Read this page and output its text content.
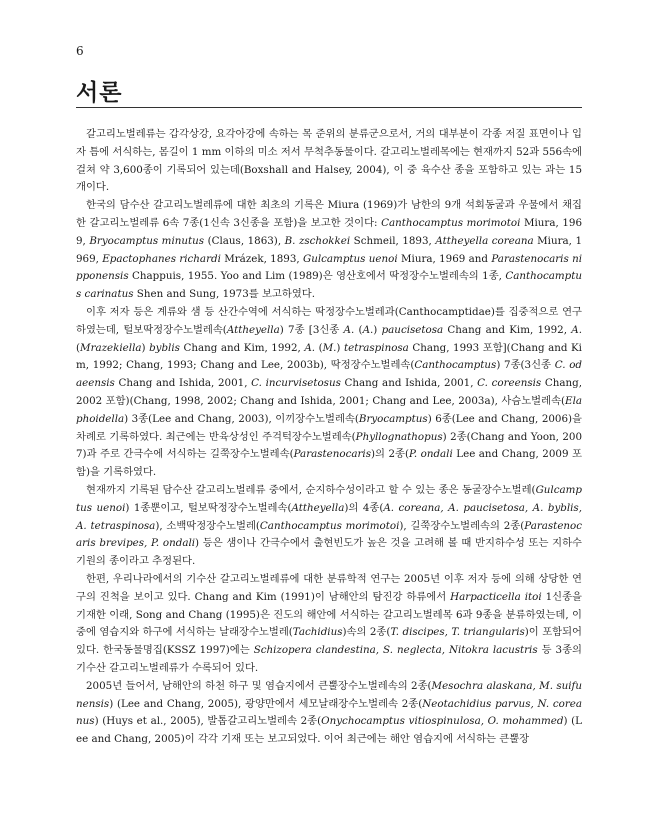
6
서론

갈고리노벌레류는 갑각상강, 요각아강에 속하는 목 준위의 분류군으로서, 거의 대부분이 각종 저질 표면이나 입자 틈에 서식하는, 몸길이 1 mm 이하의 미소 저서 무척추동물이다. 갈고리노벌레목에는 현재까지 52과 556속에 걸쳐 약 3,600종이 기록되어 있는데(Boxshall and Halsey, 2004), 이 중 육수산 종을 포함하고 있는 과는 15개이다.

한국의 담수산 갈고리노벌레류에 대한 최초의 기록은 Miura (1969)가 남한의 9개 석회동굴과 우물에서 채집한 갈고리노벌레류 6속 7종(1신속 3신종을 포함)을 보고한 것이다: Canthocamptus morimotoi Miura, 1969, Bryocamptus minutus (Claus, 1863), B. zschokkei Schmeil, 1893, Attheyella coreana Miura, 1969, Epactophanes richardi Mrázek, 1893, Gulcamptus uenoi Miura, 1969 and Parastenocaris nipponensis Chappuis, 1955. Yoo and Lim (1989)은 영산호에서 딱정장수노벌레속의 1종, Canthocamptus carinatus Shen and Sung, 1973를 보고하였다.

이후 저자 등은 계류와 샘 등 산간수역에 서식하는 딱정장수노벌레과(Canthocamptidae)를 집중적으로 연구하였는데, 털보딱정장수노벌레속(Attheyella) 7종 [3신종 A. (A.) paucisetosa Chang and Kim, 1992, A. (Mrazekiella) byblis Chang and Kim, 1992, A. (M.) tetraspinosa Chang, 1993 포함](Chang and Kim, 1992; Chang, 1993; Chang and Lee, 2003b), 딱정장수노벌레속(Canthocamptus) 7종(3신종 C. odaeensis Chang and Ishida, 2001, C. incurvisetosus Chang and Ishida, 2001, C. coreensis Chang, 2002 포함)(Chang, 1998, 2002; Chang and Ishida, 2001; Chang and Lee, 2003a), 사슴노벌레속(Elaphoidella) 3종(Lee and Chang, 2003), 이끼장수노벌레속(Bryocamptus) 6종(Lee and Chang, 2006)을 차례로 기록하였다. 최근에는 반육상성인 주걱턱장수노벌레속(Phyllognathopus) 2종(Chang and Yoon, 2007)과 주로 간극수에 서식하는 길쭉장수노벌레속(Parastenocaris)의 2종(P. ondali Lee and Chang, 2009 포함)을 기록하였다.

현재까지 기록된 담수산 갈고리노벌레류 중에서, 순지하수성이라고 할 수 있는 종은 동굴장수노벌레(Gulcamptus uenoi) 1종뿐이고, 털보딱정장수노벌레속(Attheyella)의 4종(A. coreana, A. paucisetosa, A. byblis, A. tetraspinosa), 소백딱정장수노벌레(Canthocamptus morimotoi), 길쭉장수노벌레속의 2종(Parastenocaris brevipes, P. ondali) 등은 샘이나 간극수에서 출현빈도가 높은 것을 고려해 볼 때 반지하수성 또는 지하수 기원의 종이라고 추정된다.

한편, 우리나라에서의 기수산 갈고리노벌레류에 대한 분류학적 연구는 2005년 이후 저자 등에 의해 상당한 연구의 진척을 보이고 있다. Chang and Kim (1991)이 남해안의 탐진강 하류에서 Harpacticella itoi 1신종을 기재한 이래, Song and Chang (1995)은 진도의 해안에 서식하는 갈고리노벌레목 6과 9종을 분류하였는데, 이중에 염습지와 하구에 서식하는 날래장수노벌레(Tachidius)속의 2종(T. discipes, T. triangularis)이 포함되어 있다. 한국동물명집(KSSZ 1997)에는 Schizopera clandestina, S. neglecta, Nitokra lacustris 등 3종의 기수산 갈고리노벌레류가 수록되어 있다.

2005년 들어서, 남해안의 하천 하구 및 염습지에서 큰뿔장수노벌레속의 2종(Mesochra alaskana, M. suifunensis) (Lee and Chang, 2005), 광양만에서 세모날래장수노벌레속 2종(Neotachidius parvus, N. coreanus) (Huys et al., 2005), 발톱갈고리노벌레속 2종(Onychocamptus vitiospinulosa, O. mohammed) (Lee and Chang, 2005)이 각각 기재 또는 보고되었다. 이어 최근에는 해안 염습지에 서식하는 큰뿔장
